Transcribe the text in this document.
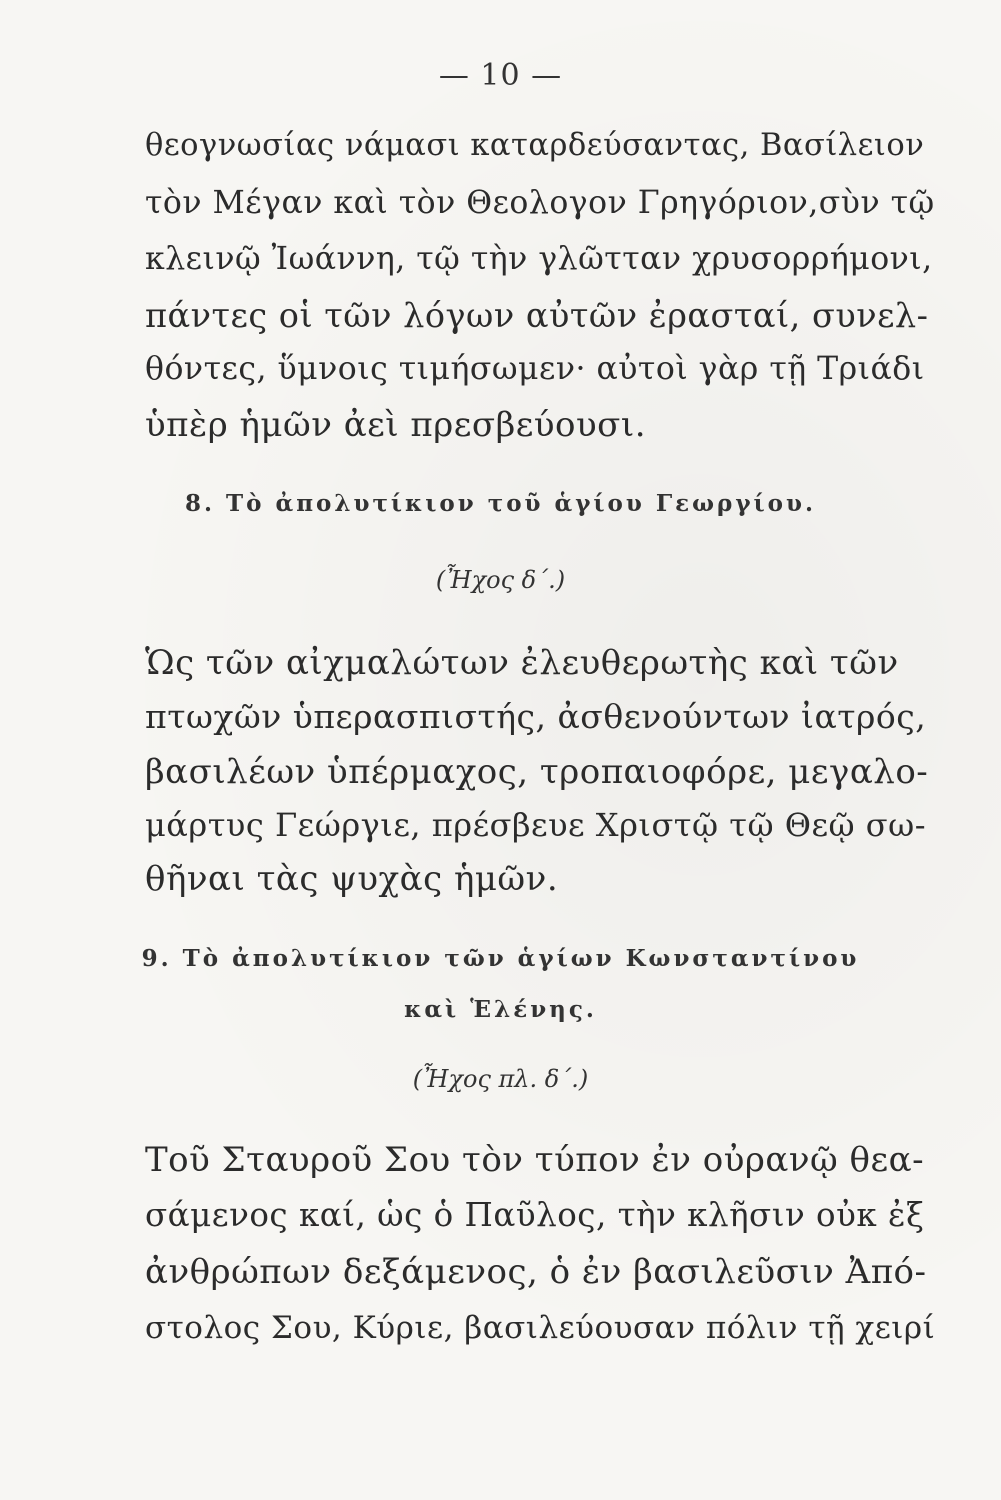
— 10 —
θεογνωσίας νάμασι καταρδεύσαντας, Βασίλειον
τὸν Μέγαν καὶ τὸν Θεολογον Γρηγόριον,σὺν τῷ
κλεινῷ Ἰωάννη, τῷ τὴν γλῶτταν χρυσορρήμονι,
πάντες οἱ τῶν λόγων αὐτῶν ἐρασταί, συνελ-
θόντες, ὕμνοις τιμήσωμεν· αὐτοὶ γὰρ τῇ Τριάδι
ὑπὲρ ἡμῶν ἀεὶ πρεσβεύουσι.
8. Τὸ ἀπολυτίκιον τοῦ ἁγίου Γεωργίου.
(Ἦχος δ΄.)
Ὡς τῶν αἰχμαλώτων ἐλευθερωτὴς καὶ τῶν
πτωχῶν ὑπερασπιστής, ἀσθενούντων ἰατρός,
βασιλέων ὑπέρμαχος, τροπαιοφόρε, μεγαλο-
μάρτυς Γεώργιε, πρέσβευε Χριστῷ τῷ Θεῷ σω-
θῆναι τὰς ψυχὰς ἡμῶν.
9. Τὸ ἀπολυτίκιον τῶν ἁγίων Κωνσταντίνου
καὶ Ἑλένης.
(Ἦχος πλ. δ΄.)
Τοῦ Σταυροῦ Σου τὸν τύπον ἐν οὐρανῷ θεα-
σάμενος καί, ὡς ὁ Παῦλος, τὴν κλῆσιν οὐκ ἐξ
ἀνθρώπων δεξάμενος, ὁ ἐν βασιλεῦσιν Ἀπό-
στολος Σου, Κύριε, βασιλεύουσαν πόλιν τῇ χειρί
